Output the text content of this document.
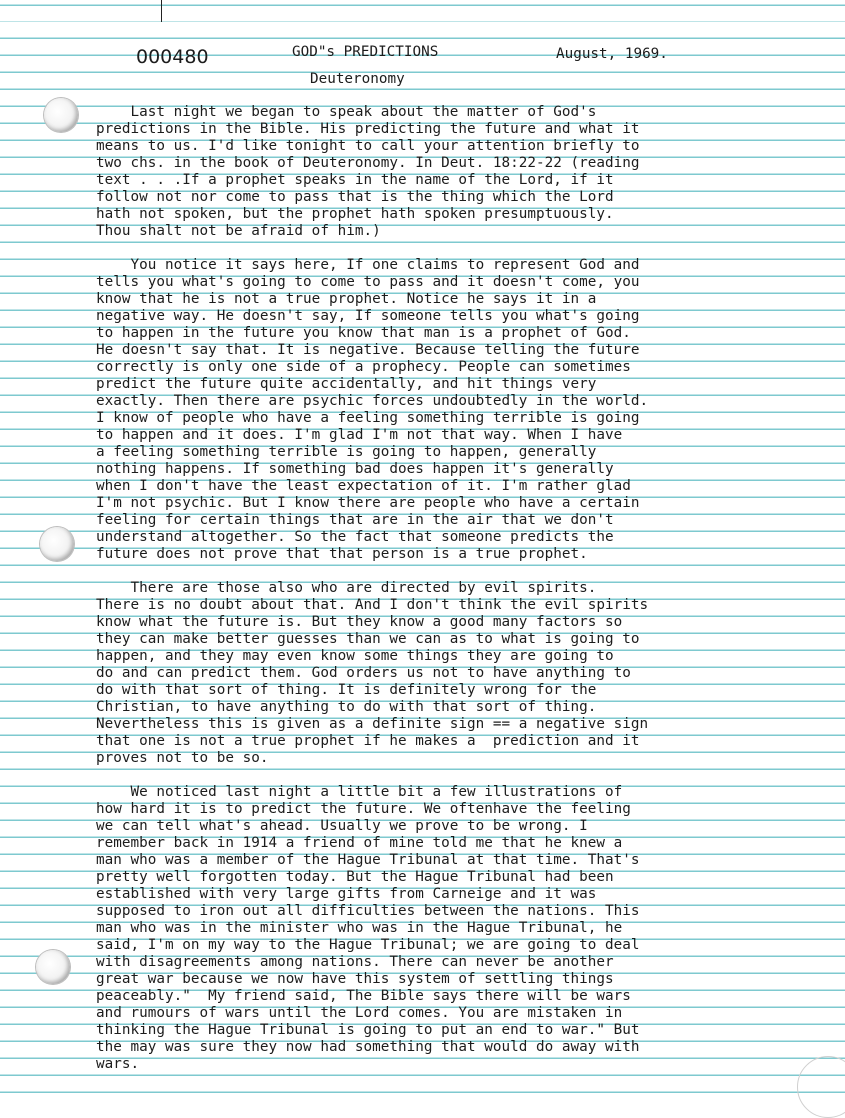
000480	GOD"s PREDICTIONS	August, 1969.
Deuteronomy
Last night we began to speak about the matter of God's
predictions in the Bible. His predicting the future and what it
means to us. I'd like tonight to call your attention briefly to
two chs. in the book of Deuteronomy. In Deut. 18:22-22 (reading
text . . .If a prophet speaks in the name of the Lord, if it
follow not nor come to pass that is the thing which the Lord
hath not spoken, but the prophet hath spoken presumptuously.
Thou shalt not be afraid of him.)
You notice it says here, If one claims to represent God and
tells you what's going to come to pass and it doesn't come, you
know that he is not a true prophet. Notice he says it in a
negative way. He doesn't say, If someone tells you what's going
to happen in the future you know that man is a prophet of God.
He doesn't say that. It is negative. Because telling the future
correctly is only one side of a prophecy. People can sometimes
predict the future quite accidentally, and hit things very
exactly. Then there are psychic forces undoubtedly in the world.
I know of people who have a feeling something terrible is going
to happen and it does. I'm glad I'm not that way. When I have
a feeling something terrible is going to happen, generally
nothing happens. If something bad does happen it's generally
when I don't have the least expectation of it. I'm rather glad
I'm not psychic. But I know there are people who have a certain
feeling for certain things that are in the air that we don't
understand altogether. So the fact that someone predicts the
future does not prove that that person is a true prophet.
There are those also who are directed by evil spirits.
There is no doubt about that. And I don't think the evil spirits
know what the future is. But they know a good many factors so
they can make better guesses than we can as to what is going to
happen, and they may even know some things they are going to
do and can predict them. God orders us not to have anything to
do with that sort of thing. It is definitely wrong for the
Christian, to have anything to do with that sort of thing.
Nevertheless this is given as a definite sign == a negative sign
that one is not a true prophet if he makes a  prediction and it
proves not to be so.
We noticed last night a little bit a few illustrations of
how hard it is to predict the future. We oftenhave the feeling
we can tell what's ahead. Usually we prove to be wrong. I
remember back in 1914 a friend of mine told me that he knew a
man who was a member of the Hague Tribunal at that time. That's
pretty well forgotten today. But the Hague Tribunal had been
established with very large gifts from Carneige and it was
supposed to iron out all difficulties between the nations. This
man who was in the minister who was in the Hague Tribunal, he
said, I'm on my way to the Hague Tribunal; we are going to deal
with disagreements among nations. There can never be another
great war because we now have this system of settling things
peaceably."  My friend said, The Bible says there will be wars
and rumours of wars until the Lord comes. You are mistaken in
thinking the Hague Tribunal is going to put an end to war." But
the may was sure they now had something that would do away with
wars.
